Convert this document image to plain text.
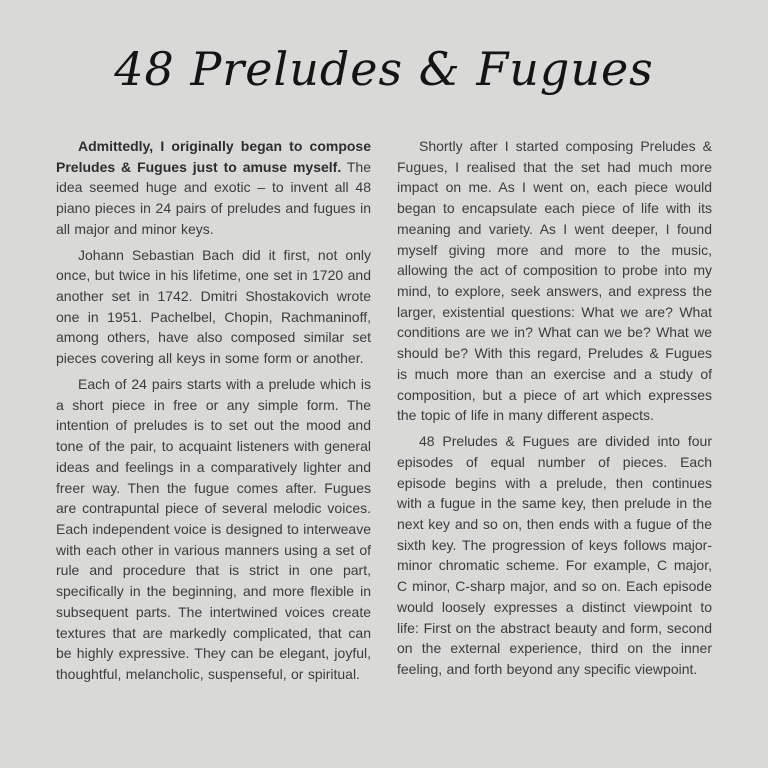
48 Preludes & Fugues

Admittedly, I originally began to compose Preludes & Fugues just to amuse myself. The idea seemed huge and exotic – to invent all 48 piano pieces in 24 pairs of preludes and fugues in all major and minor keys.

Johann Sebastian Bach did it first, not only once, but twice in his lifetime, one set in 1720 and another set in 1742. Dmitri Shostakovich wrote one in 1951. Pachelbel, Chopin, Rachmaninoff, among others, have also composed similar set pieces covering all keys in some form or another.

Each of 24 pairs starts with a prelude which is a short piece in free or any simple form. The intention of preludes is to set out the mood and tone of the pair, to acquaint listeners with general ideas and feelings in a comparatively lighter and freer way. Then the fugue comes after. Fugues are contrapuntal piece of several melodic voices. Each independent voice is designed to interweave with each other in various manners using a set of rule and procedure that is strict in one part, specifically in the beginning, and more flexible in subsequent parts. The intertwined voices create textures that are markedly complicated, that can be highly expressive. They can be elegant, joyful, thoughtful, melancholic, suspenseful, or spiritual.

Shortly after I started composing Preludes & Fugues, I realised that the set had much more impact on me. As I went on, each piece would began to encapsulate each piece of life with its meaning and variety. As I went deeper, I found myself giving more and more to the music, allowing the act of composition to probe into my mind, to explore, seek answers, and express the larger, existential questions: What we are? What conditions are we in? What can we be? What we should be? With this regard, Preludes & Fugues is much more than an exercise and a study of composition, but a piece of art which expresses the topic of life in many different aspects.

48 Preludes & Fugues are divided into four episodes of equal number of pieces. Each episode begins with a prelude, then continues with a fugue in the same key, then prelude in the next key and so on, then ends with a fugue of the sixth key. The progression of keys follows major-minor chromatic scheme. For example, C major, C minor, C-sharp major, and so on. Each episode would loosely expresses a distinct viewpoint to life: First on the abstract beauty and form, second on the external experience, third on the inner feeling, and forth beyond any specific viewpoint.
